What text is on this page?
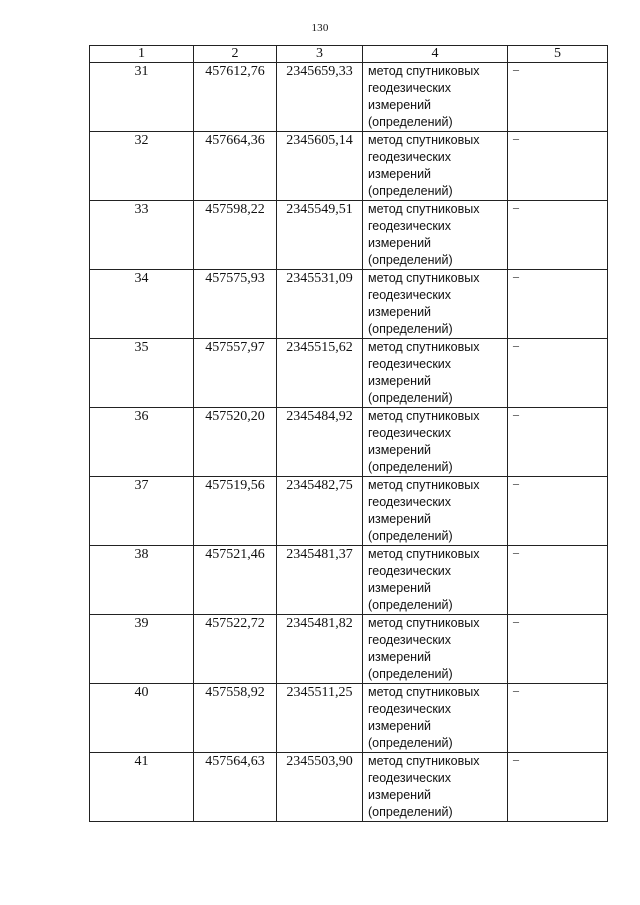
130
1	2	3	4	5
31	457612,76	2345659,33	метод спутниковых
геодезических
измерений
(определений)	–
32	457664,36	2345605,14	метод спутниковых
геодезических
измерений
(определений)	–
33	457598,22	2345549,51	метод спутниковых
геодезических
измерений
(определений)	–
34	457575,93	2345531,09	метод спутниковых
геодезических
измерений
(определений)	–
35	457557,97	2345515,62	метод спутниковых
геодезических
измерений
(определений)	–
36	457520,20	2345484,92	метод спутниковых
геодезических
измерений
(определений)	–
37	457519,56	2345482,75	метод спутниковых
геодезических
измерений
(определений)	–
38	457521,46	2345481,37	метод спутниковых
геодезических
измерений
(определений)	–
39	457522,72	2345481,82	метод спутниковых
геодезических
измерений
(определений)	–
40	457558,92	2345511,25	метод спутниковых
геодезических
измерений
(определений)	–
41	457564,63	2345503,90	метод спутниковых
геодезических
измерений
(определений)	–
